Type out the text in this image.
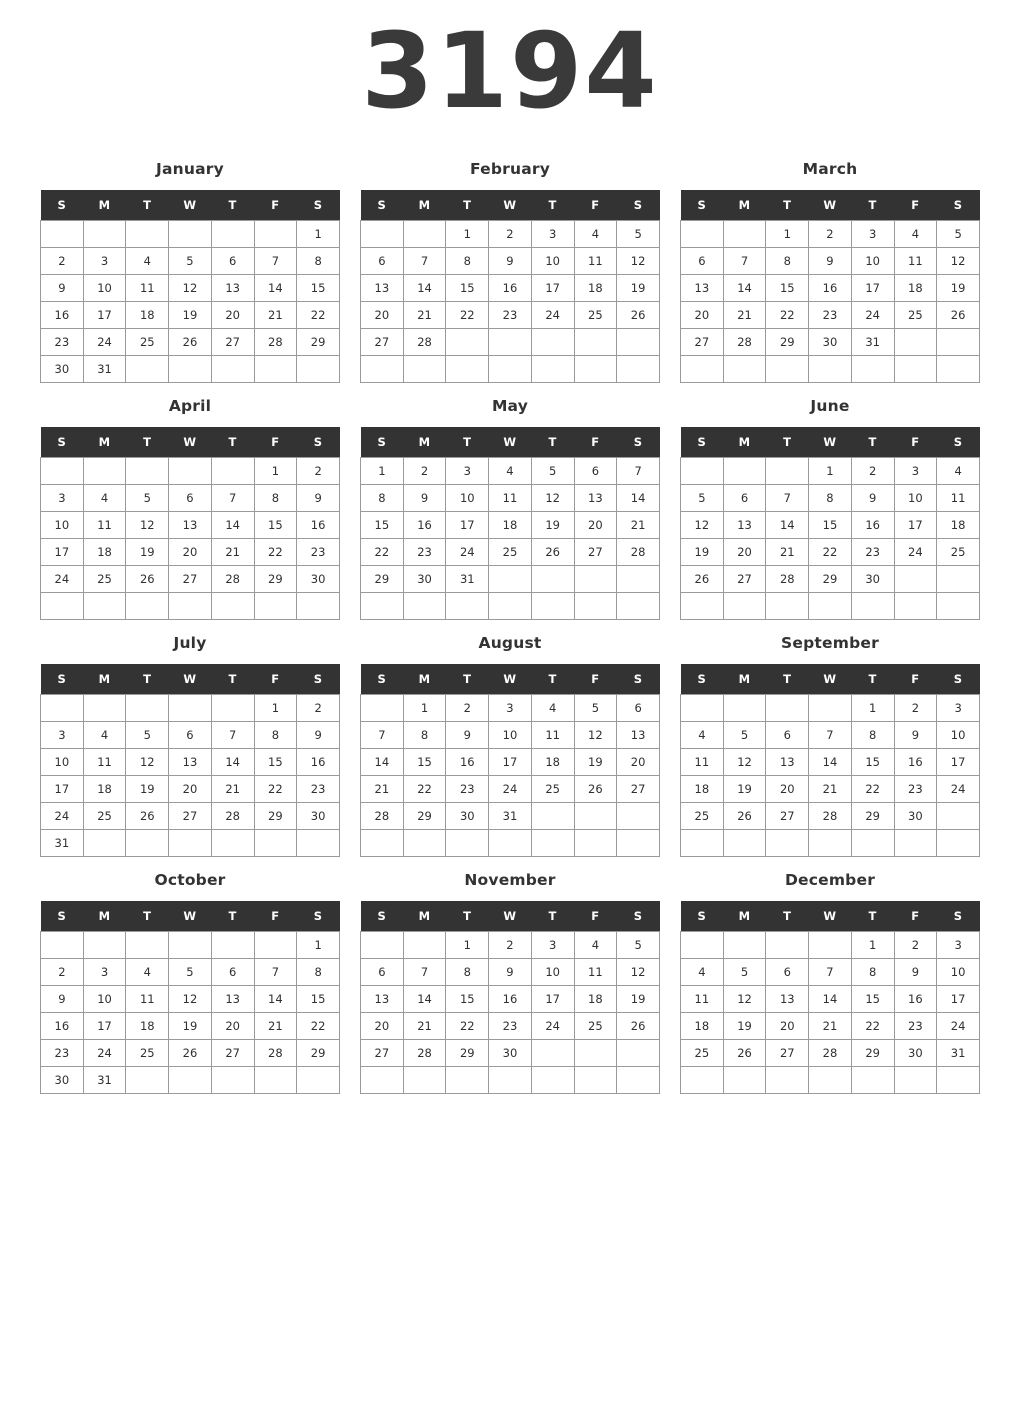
3194
January
S	M	T	W	T	F	S
						1
2	3	4	5	6	7	8
9	10	11	12	13	14	15
16	17	18	19	20	21	22
23	24	25	26	27	28	29
30	31					
February
S	M	T	W	T	F	S
		1	2	3	4	5
6	7	8	9	10	11	12
13	14	15	16	17	18	19
20	21	22	23	24	25	26
27	28					

March
S	M	T	W	T	F	S
		1	2	3	4	5
6	7	8	9	10	11	12
13	14	15	16	17	18	19
20	21	22	23	24	25	26
27	28	29	30	31		

April
S	M	T	W	T	F	S
					1	2
3	4	5	6	7	8	9
10	11	12	13	14	15	16
17	18	19	20	21	22	23
24	25	26	27	28	29	30

May
S	M	T	W	T	F	S
1	2	3	4	5	6	7
8	9	10	11	12	13	14
15	16	17	18	19	20	21
22	23	24	25	26	27	28
29	30	31				

June
S	M	T	W	T	F	S
			1	2	3	4
5	6	7	8	9	10	11
12	13	14	15	16	17	18
19	20	21	22	23	24	25
26	27	28	29	30		

July
S	M	T	W	T	F	S
					1	2
3	4	5	6	7	8	9
10	11	12	13	14	15	16
17	18	19	20	21	22	23
24	25	26	27	28	29	30
31						
August
S	M	T	W	T	F	S
	1	2	3	4	5	6
7	8	9	10	11	12	13
14	15	16	17	18	19	20
21	22	23	24	25	26	27
28	29	30	31			

September
S	M	T	W	T	F	S
				1	2	3
4	5	6	7	8	9	10
11	12	13	14	15	16	17
18	19	20	21	22	23	24
25	26	27	28	29	30	

October
S	M	T	W	T	F	S
						1
2	3	4	5	6	7	8
9	10	11	12	13	14	15
16	17	18	19	20	21	22
23	24	25	26	27	28	29
30	31					
November
S	M	T	W	T	F	S
		1	2	3	4	5
6	7	8	9	10	11	12
13	14	15	16	17	18	19
20	21	22	23	24	25	26
27	28	29	30			

December
S	M	T	W	T	F	S
				1	2	3
4	5	6	7	8	9	10
11	12	13	14	15	16	17
18	19	20	21	22	23	24
25	26	27	28	29	30	31
